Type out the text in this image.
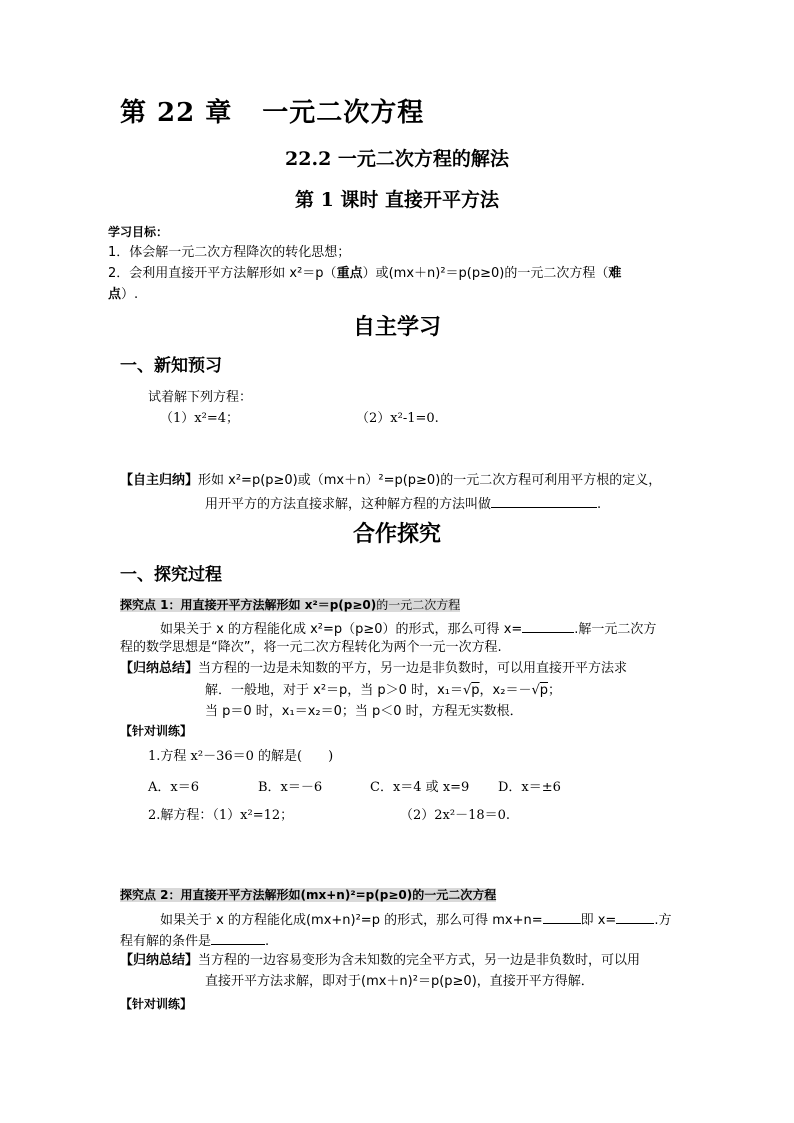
第 22 章 一元二次方程
22.2 一元二次方程的解法
第 1 课时 直接开平方法
学习目标：
1．体会解一元二次方程降次的转化思想；
2．会利用直接开平方法解形如 x²＝p（重点）或(mx＋n)²＝p(p≥0)的一元二次方程（难
点）.
自主学习
一、新知预习
试着解下列方程：
（1）x²=4；	（2）x²-1=0.
【自主归纳】形如 x²=p(p≥0)或（mx＋n）²=p(p≥0)的一元二次方程可利用平方根的定义，
用开平方的方法直接求解，这种解方程的方法叫做	.
合作探究
一、探究过程
探究点 1：用直接开平方法解形如 x²＝p(p≥0)的一元二次方程
如果关于 x 的方程能化成 x²=p（p≥0）的形式，那么可得 x=	.解一元二次方
程的数学思想是“降次”，将一元二次方程转化为两个一元一次方程.
【归纳总结】当方程的一边是未知数的平方，另一边是非负数时，可以用直接开平方法求
解．一般地，对于 x²＝p，当 p＞0 时，x₁＝√p，x₂＝－√p；
当 p＝0 时，x₁＝x₂＝0；当 p＜0 时，方程无实数根．
【针对训练】
1.方程 x²－36＝0 的解是(　　)
A．x＝6	B．x＝－6	C．x＝4 或 x=9 D．x＝±6
2.解方程：（1）x²=12；	（2）2x²－18＝0.
探究点 2：用直接开平方法解形如(mx+n)²=p(p≥0)的一元二次方程
如果关于 x 的方程能化成(mx+n)²=p 的形式，那么可得 mx+n=	即 x=	.方
程有解的条件是	.
【归纳总结】当方程的一边容易变形为含未知数的完全平方式，另一边是非负数时，可以用
直接开平方法求解，即对于(mx＋n)²＝p(p≥0)，直接开平方得解．
【针对训练】
